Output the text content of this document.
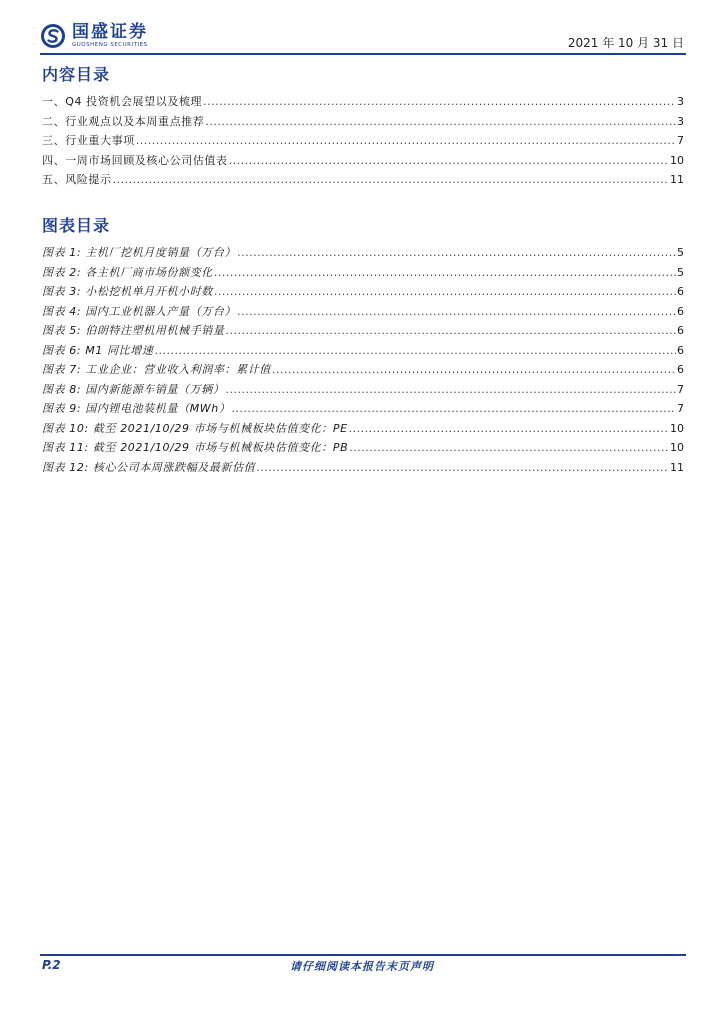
国盛证券
GUOSHENG SECURITIES	2021 年 10 月 31 日
内容目录
一、Q4 投资机会展望以及梳理 .....	3
二、行业观点以及本周重点推荐 .....	3
三、行业重大事项 .....	7
四、一周市场回顾及核心公司估值表 .....	10
五、风险提示 .....	11
图表目录
图表 1: 主机厂挖机月度销量（万台） .....	5
图表 2: 各主机厂商市场份额变化 .....	5
图表 3: 小松挖机单月开机小时数 .....	6
图表 4: 国内工业机器人产量（万台） .....	6
图表 5: 伯朗特注塑机用机械手销量 .....	6
图表 6: M1 同比增速 .....	6
图表 7: 工业企业：营业收入利润率：累计值 .....	6
图表 8: 国内新能源车销量（万辆） .....	7
图表 9: 国内锂电池装机量（MWh） .....	7
图表 10: 截至 2021/10/29 市场与机械板块估值变化：PE .....	10
图表 11: 截至 2021/10/29 市场与机械板块估值变化：PB .....	10
图表 12: 核心公司本周涨跌幅及最新估值 .....	11
请仔细阅读本报告末页声明
P.2
